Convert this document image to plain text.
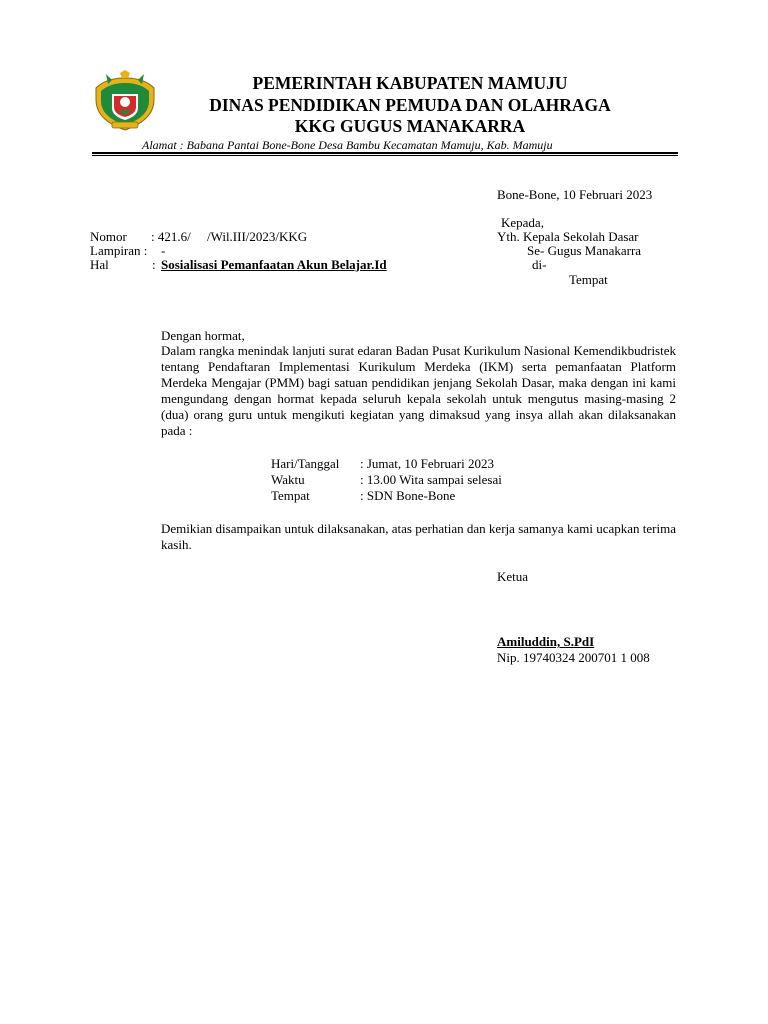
PEMERINTAH KABUPATEN MAMUJU
DINAS PENDIDIKAN PEMUDA DAN OLAHRAGA
KKG GUGUS MANAKARRA
Alamat : Babana Pantai Bone-Bone Desa Bambu Kecamatan Mamuju, Kab. Mamuju
Bone-Bone, 10 Februari 2023
Kepada,
Yth. Kepala Sekolah Dasar
Se- Gugus Manakarra
di-
Tempat
Nomor : 421.6/     /Wil.III/2023/KKG
Lampiran : -
Hal	: Sosialisasi Pemanfaatan Akun Belajar.Id
Dengan hormat,
Dalam rangka menindak lanjuti surat edaran Badan Pusat Kurikulum Nasional Kemendikbudristek tentang Pendaftaran Implementasi Kurikulum Merdeka (IKM) serta pemanfaatan Platform Merdeka Mengajar (PMM) bagi satuan pendidikan jenjang Sekolah Dasar, maka dengan ini kami mengundang dengan hormat kepada seluruh kepala sekolah untuk mengutus masing-masing 2 (dua) orang guru untuk mengikuti kegiatan yang dimaksud yang insya allah akan dilaksanakan pada :
Hari/Tanggal : Jumat, 10 Februari 2023
Waktu	: 13.00 Wita sampai selesai
Tempat	: SDN Bone-Bone
Demikian disampaikan untuk dilaksanakan, atas perhatian dan kerja samanya kami ucapkan terima kasih.
Ketua
Amiluddin, S.PdI
Nip. 19740324 200701 1 008
